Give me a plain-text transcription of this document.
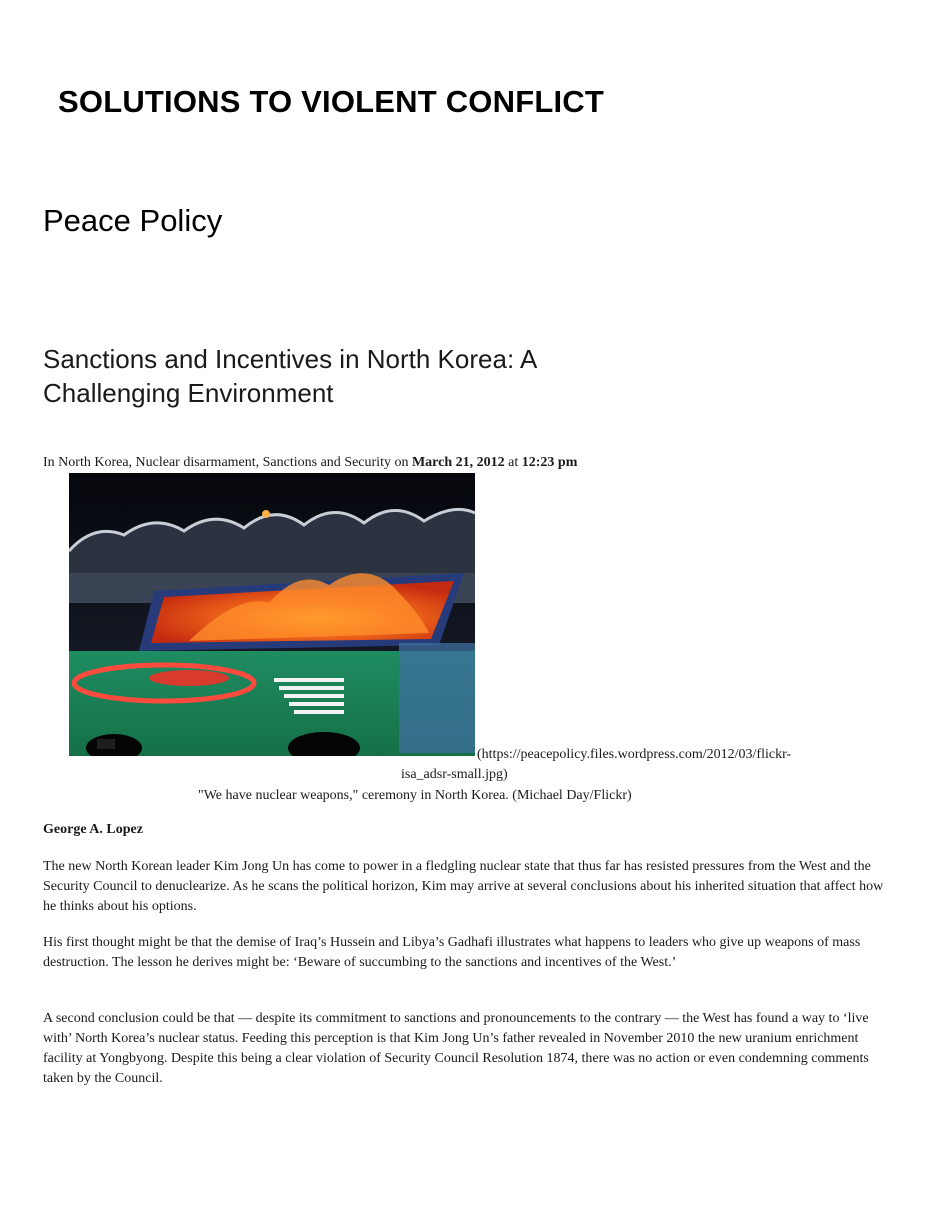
SOLUTIONS TO VIOLENT CONFLICT
Peace Policy
Sanctions and Incentives in North Korea: A Challenging Environment
In North Korea, Nuclear disarmament, Sanctions and Security on March 21, 2012 at 12:23 pm
(https://peacepolicy.files.wordpress.com/2012/03/flickr-
isa_adsr-small.jpg)
"We have nuclear weapons," ceremony in North Korea. (Michael Day/Flickr)
George A. Lopez
The new North Korean leader Kim Jong Un has come to power in a fledgling nuclear state that thus far has resisted pressures from the West and the Security Council to denuclearize. As he scans the political horizon, Kim may arrive at several conclusions about his inherited situation that affect how he thinks about his options.
His first thought might be that the demise of Iraq’s Hussein and Libya’s Gadhafi illustrates what happens to leaders who give up weapons of mass destruction. The lesson he derives might be: ‘Beware of succumbing to the sanctions and incentives of the West.’
A second conclusion could be that — despite its commitment to sanctions and pronouncements to the contrary — the West has found a way to ‘live with’ North Korea’s nuclear status. Feeding this perception is that Kim Jong Un’s father revealed in November 2010 the new uranium enrichment facility at Yongbyong. Despite this being a clear violation of Security Council Resolution 1874, there was no action or even condemning comments taken by the Council.
